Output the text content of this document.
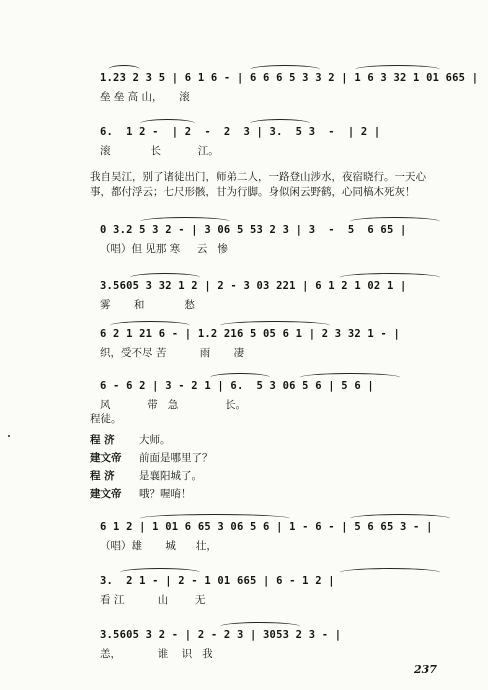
1.23 2 3 5 | 6 1 6 - | 6 6 6 5 3 3 2 | 1 6 3 32 1 01 665 |
垒 垒 高 山，     滚
6.  1 2 -  | 2  -  2  3 | 3.  5 3  -  | 2 |
滚            长           江。
我自吴江，别了诸徒出门，师弟二人，一路登山涉水，夜宿晓行。一天心事，都付浮云；七尺形骸，甘为行脚。身似闲云野鹤，心同槁木死灰！
0 3.2 5 3 2 - | 3 06 5 53 2 3 | 3  -  5  6 65 |
（唱）但 见那 寒     云   惨
3.5605 3 32 1 2 | 2 - 3 03 221 | 6 1 2 1 02 1 |
雾       和            愁
6 2 1 21 6 - | 1.2 216 5 05 6 1 | 2 3 32 1 - |
织，受不尽 苦          雨       凄
6 - 6 2 | 3 - 2 1 | 6.  5 3 06 5 6 | 5 6 |
风           带   急              长。
程徒。
程 济 大师。
建文帝 前面是哪里了？
程 济 是襄阳城了。
建文帝 哦？喔唷！
6 1 2 | 1 01 6 65 3 06 5 6 | 1 - 6 - | 5 6 65 3 - |
（唱）雄       城      壮，
3.  2 1 - | 2 - 1 01 665 | 6 - 1 2 |
看 江          山        无
3.5605 3 2 - | 2 - 2 3 | 3053 2 3 - |
恙，           谁    识   我
237
